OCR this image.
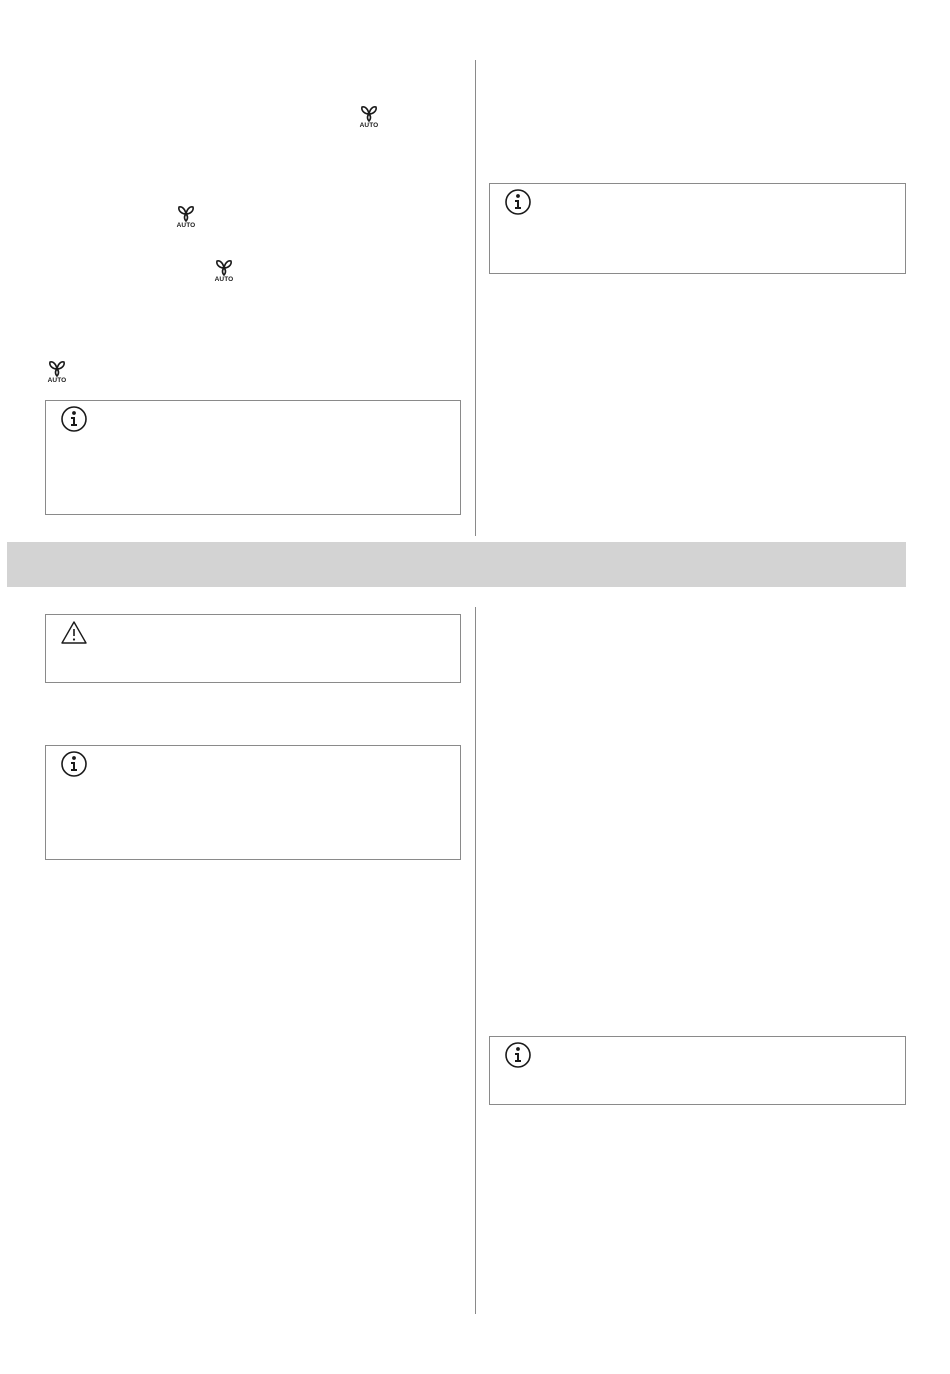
AUTO
AUTO
AUTO
AUTO
